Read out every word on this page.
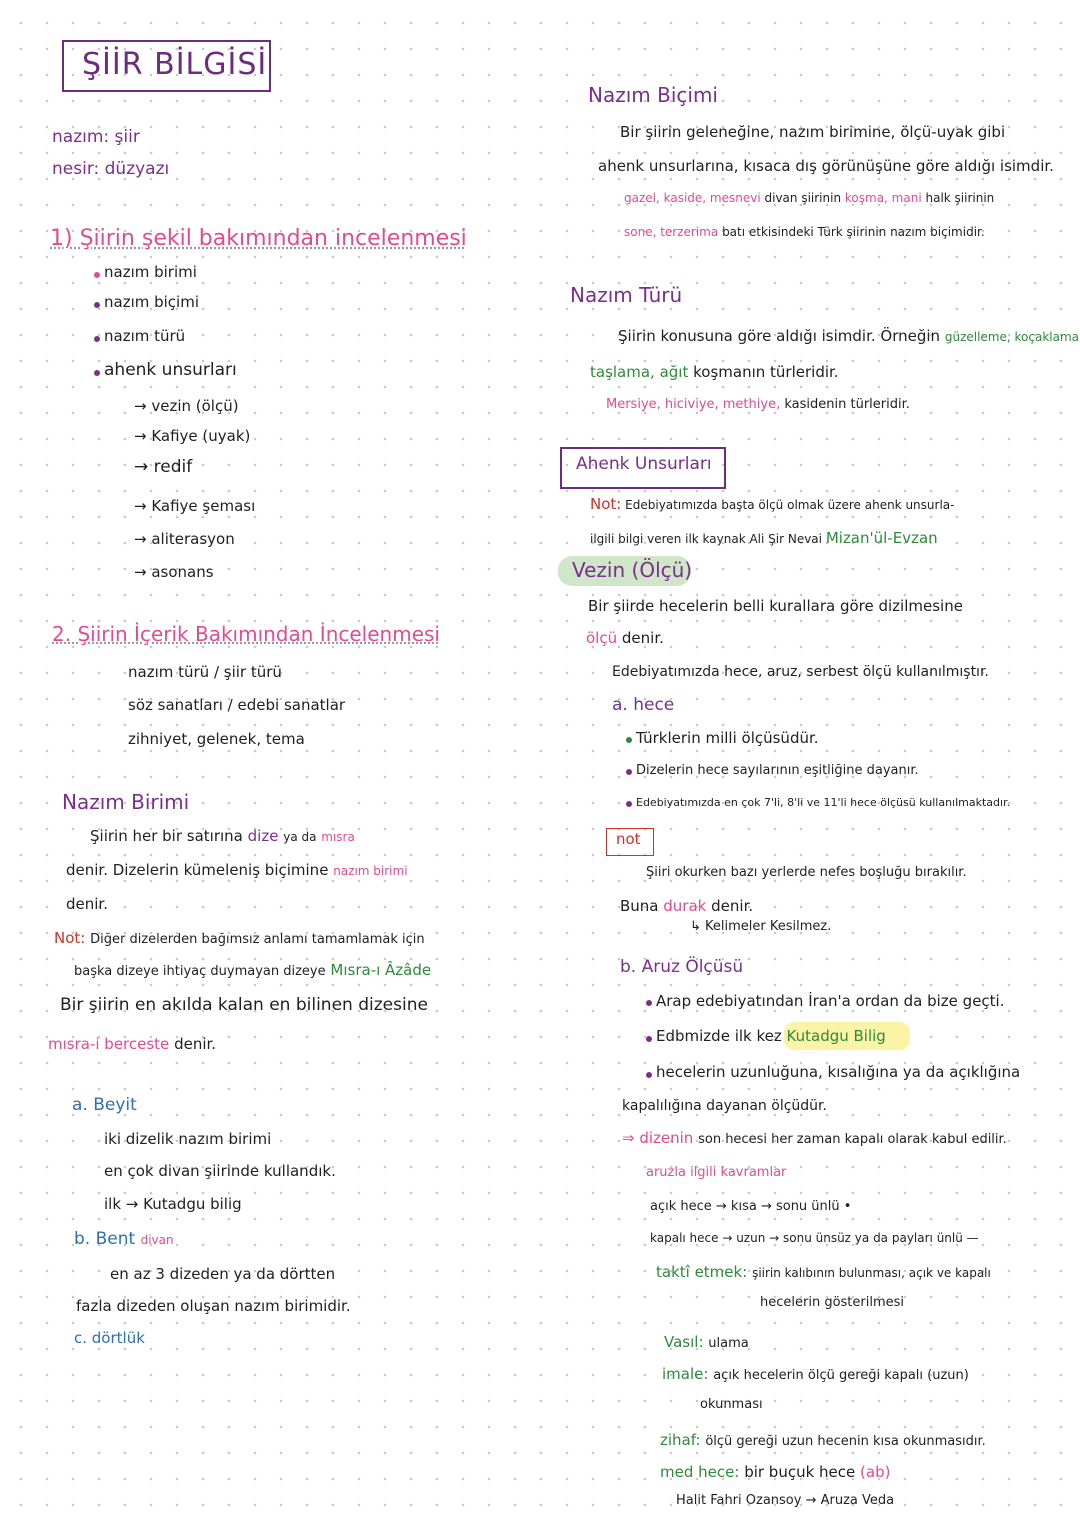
ŞİİR BİLGİSİ
nazım: şiir
nesir: düzyazı
1) Şiirin şekil bakımından incelenmesi
nazım birimi
nazım biçimi
nazım türü
ahenk unsurları
→ vezin (ölçü)
→ Kafiye (uyak)
→ redif
→ Kafiye şeması
→ aliterasyon
→ asonans
2. Şiirin İçerik Bakımından İncelenmesi
nazım türü / şiir türü
söz sanatları / edebi sanatlar
zihniyet, gelenek, tema
Nazım Birimi
Şiirin her bir satırına dize ya da mısra
denir. Dizelerin kümeleniş biçimine nazım birimi
denir.
Not: Diğer dizelerden bağımsız anlamı tamamlamak için
başka dizeye ihtiyaç duymayan dizeye Mısra-ı Âzâde
Bir şiirin en akılda kalan en bilinen dizesine
mısra-i berceste denir.
a. Beyit
iki dizelik nazım birimi
en çok divan şiirinde kullandık.
ilk → Kutadgu bilig
b. Bent divan
en az 3 dizeden ya da dörtten
fazla dizeden oluşan nazım birimidir.
c. dörtlük
Nazım Biçimi
Bir şiirin geleneğine, nazım birimine, ölçü-uyak gibi
ahenk unsurlarına, kısaca dış görünüşüne göre aldığı isimdir.
gazel, kaside, mesnevi divan şiirinin koşma, mani halk şiirinin
sone, terzerima batı etkisindeki Türk şiirinin nazım biçimidir.
Nazım Türü
Şiirin konusuna göre aldığı isimdir. Örneğin güzelleme, koçaklama
taşlama, ağıt koşmanın türleridir.
Mersiye, hiciviye, methiye, kasidenin türleridir.
Ahenk Unsurları
Not: Edebiyatımızda başta ölçü olmak üzere ahenk unsurla-
ilgili bilgi veren ilk kaynak Ali Şir Nevai Mizan'ül-Evzan
Vezin (Ölçü)
Bir şiirde hecelerin belli kurallara göre dizilmesine
ölçü denir.
Edebiyatımızda hece, aruz, serbest ölçü kullanılmıştır.
a. hece
Türklerin milli ölçüsüdür.
Dizelerin hece sayılarının eşitliğine dayanır.
Edebiyatımızda en çok 7'li, 8'li ve 11'li hece ölçüsü kullanılmaktadır.
not
Şiiri okurken bazı yerlerde nefes boşluğu bırakılır.
Buna durak denir.
↳ Kelimeler Kesilmez.
b. Aruz Ölçüsü
Arap edebiyatından İran'a ordan da bize geçti.
Edbmizde ilk kez Kutadgu Bilig
hecelerin uzunluğuna, kısalığına ya da açıklığına
kapalılığına dayanan ölçüdür.
⇒ dizenin son hecesi her zaman kapalı olarak kabul edilir.
aruzla ilgili kavramlar
açık hece → kısa → sonu ünlü •
kapalı hece → uzun → sonu ünsüz ya da payları ünlü —
taktî etmek: şiirin kalıbının bulunması, açık ve kapalı
hecelerin gösterilmesi
Vasıl: ulama
imale: açık hecelerin ölçü gereği kapalı (uzun)
okunması
zihaf: ölçü gereği uzun hecenin kısa okunmasıdır.
med hece: bir buçuk hece (ab)
Halit Fahri Ozansoy → Aruza Veda
